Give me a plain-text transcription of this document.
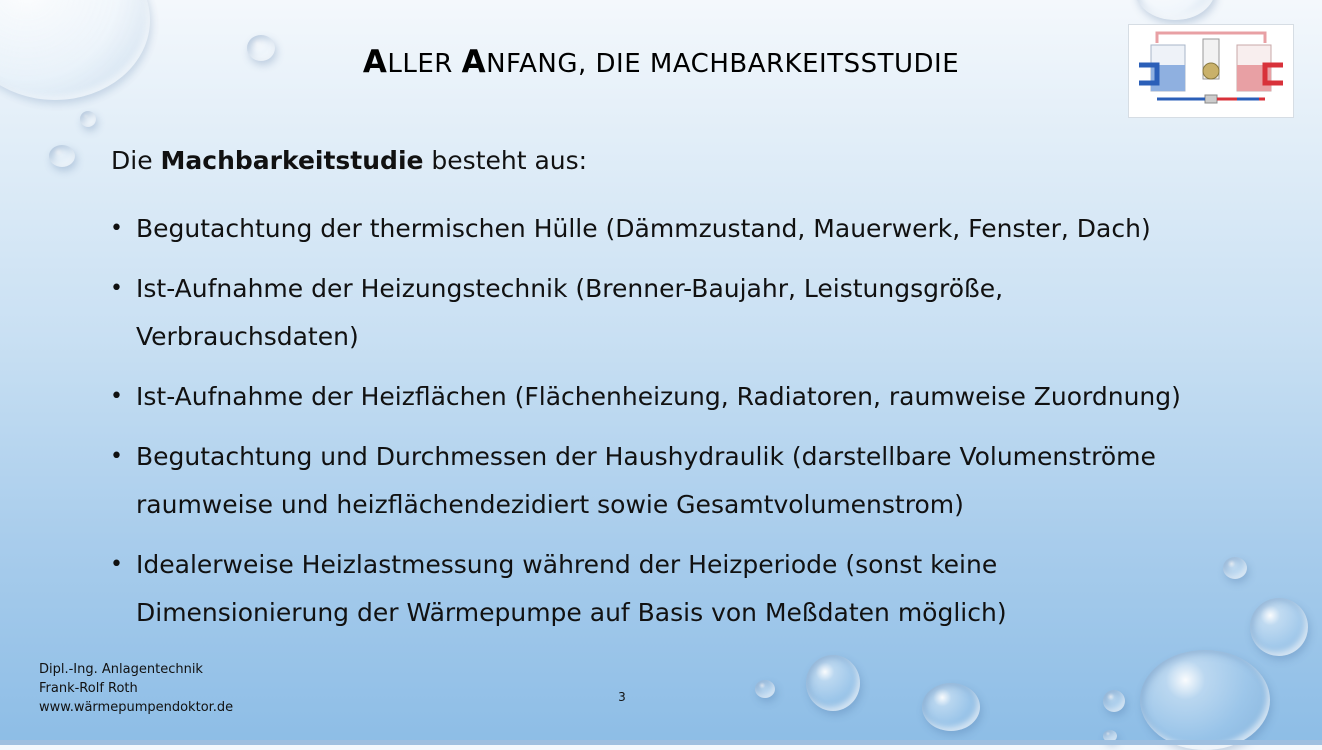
ALLER ANFANG, DIE MACHBARKEITSSTUDIE
Die Machbarkeitstudie besteht aus:
• Begutachtung der thermischen Hülle (Dämmzustand, Mauerwerk, Fenster, Dach)
• Ist-Aufnahme der Heizungstechnik (Brenner-Baujahr, Leistungsgröße, Verbrauchsdaten)
• Ist-Aufnahme der Heizflächen (Flächenheizung, Radiatoren, raumweise Zuordnung)
• Begutachtung und Durchmessen der Haushydraulik (darstellbare Volumenströme raumweise und heizflächendezidiert sowie Gesamtvolumenstrom)
• Idealerweise Heizlastmessung während der Heizperiode (sonst keine Dimensionierung der Wärmepumpe auf Basis von Meßdaten möglich)
Dipl.-Ing. Anlagentechnik
Frank-Rolf Roth
www.wärmepumpendoktor.de
3
